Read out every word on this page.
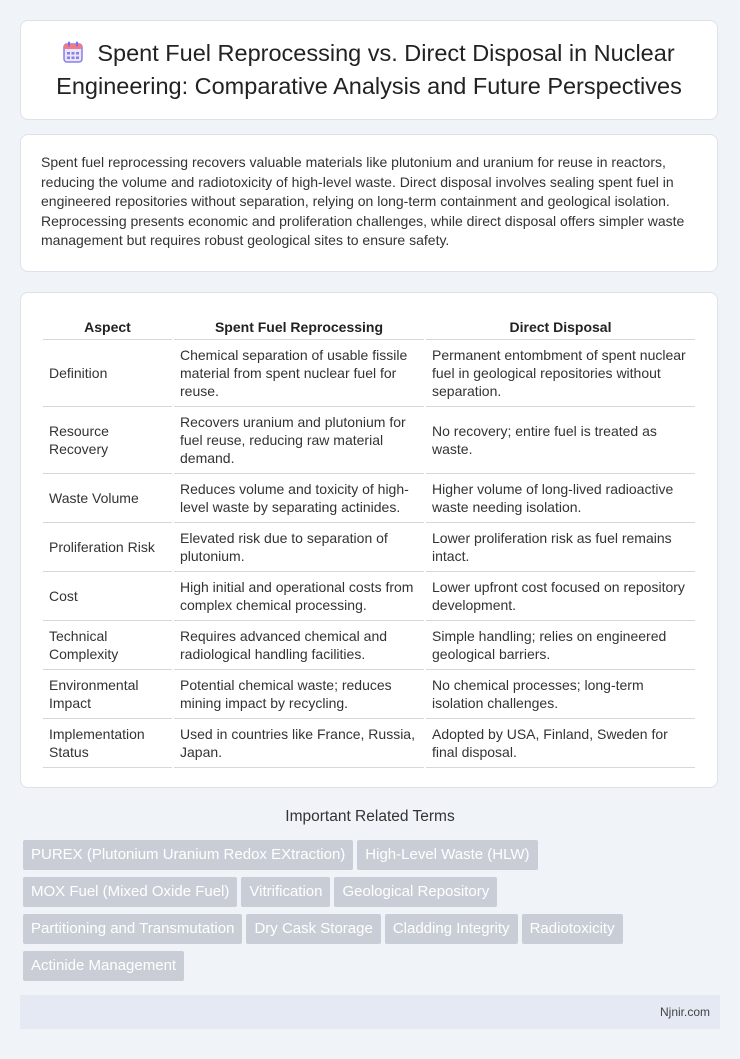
Spent Fuel Reprocessing vs. Direct Disposal in Nuclear Engineering: Comparative Analysis and Future Perspectives

Spent fuel reprocessing recovers valuable materials like plutonium and uranium for reuse in reactors, reducing the volume and radiotoxicity of high-level waste. Direct disposal involves sealing spent fuel in engineered repositories without separation, relying on long-term containment and geological isolation. Reprocessing presents economic and proliferation challenges, while direct disposal offers simpler waste management but requires robust geological sites to ensure safety.

Aspect	Spent Fuel Reprocessing	Direct Disposal
Definition	Chemical separation of usable fissile material from spent nuclear fuel for reuse.	Permanent entombment of spent nuclear fuel in geological repositories without separation.
Resource Recovery	Recovers uranium and plutonium for fuel reuse, reducing raw material demand.	No recovery; entire fuel is treated as waste.
Waste Volume	Reduces volume and toxicity of high-level waste by separating actinides.	Higher volume of long-lived radioactive waste needing isolation.
Proliferation Risk	Elevated risk due to separation of plutonium.	Lower proliferation risk as fuel remains intact.
Cost	High initial and operational costs from complex chemical processing.	Lower upfront cost focused on repository development.
Technical Complexity	Requires advanced chemical and radiological handling facilities.	Simple handling; relies on engineered geological barriers.
Environmental Impact	Potential chemical waste; reduces mining impact by recycling.	No chemical processes; long-term isolation challenges.
Implementation Status	Used in countries like France, Russia, Japan.	Adopted by USA, Finland, Sweden for final disposal.
Important Related Terms
PUREX (Plutonium Uranium Redox EXtraction) High-Level Waste (HLW)
MOX Fuel (Mixed Oxide Fuel) Vitrification Geological Repository
Partitioning and Transmutation Dry Cask Storage Cladding Integrity Radiotoxicity
Actinide Management
Njnir.com
